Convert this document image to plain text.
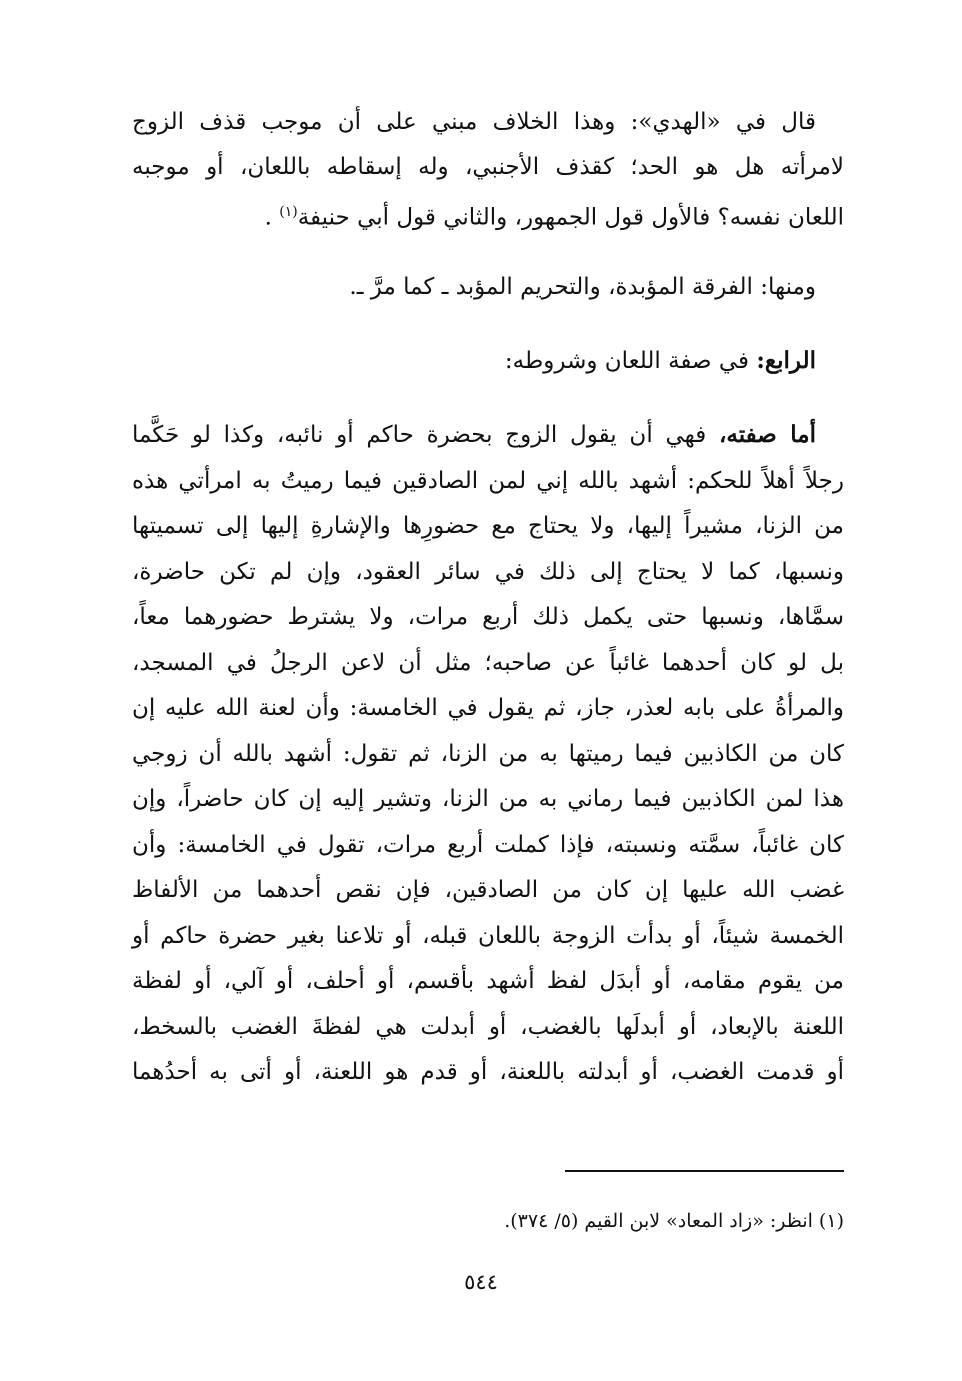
قال في «الهدي»: وهذا الخلاف مبني على أن موجب قذف الزوج
لامرأته هل هو الحد؛ كقذف الأجنبي، وله إسقاطه باللعان، أو موجبه
اللعان نفسه؟ فالأول قول الجمهور، والثاني قول أبي حنيفة$^{(١)}$ .
ومنها: الفرقة المؤبدة، والتحريم المؤبد ـ كما مرَّ ـ.
الرابع: في صفة اللعان وشروطه:
أما صفته، فهي أن يقول الزوج بحضرة حاكم أو نائبه، وكذا لو حَكَّما
رجلاً أهلاً للحكم: أشهد بالله إني لمن الصادقين فيما رميتُ به امرأتي هذه
من الزنا، مشيراً إليها، ولا يحتاج مع حضورِها والإشارةِ إليها إلى تسميتها
ونسبها، كما لا يحتاج إلى ذلك في سائر العقود، وإن لم تكن حاضرة،
سمَّاها، ونسبها حتى يكمل ذلك أربع مرات، ولا يشترط حضورهما معاً،
بل لو كان أحدهما غائباً عن صاحبه؛ مثل أن لاعن الرجلُ في المسجد،
والمرأةُ على بابه لعذر، جاز، ثم يقول في الخامسة: وأن لعنة الله عليه إن
كان من الكاذبين فيما رميتها به من الزنا، ثم تقول: أشهد بالله أن زوجي
هذا لمن الكاذبين فيما رماني به من الزنا، وتشير إليه إن كان حاضراً، وإن
كان غائباً، سمَّته ونسبته، فإذا كملت أربع مرات، تقول في الخامسة: وأن
غضب الله عليها إن كان من الصادقين، فإن نقص أحدهما من الألفاظ
الخمسة شيئاً، أو بدأت الزوجة باللعان قبله، أو تلاعنا بغير حضرة حاكم أو
من يقوم مقامه، أو أبدَل لفظ أشهد بأقسم، أو أحلف، أو آلي، أو لفظة
اللعنة بالإبعاد، أو أبدلَها بالغضب، أو أبدلت هي لفظةَ الغضب بالسخط،
أو قدمت الغضب، أو أبدلته باللعنة، أو قدم هو اللعنة، أو أتى به أحدُهما
(١) انظر: «زاد المعاد» لابن القيم (٥/ ٣٧٤).
٥٤٤
